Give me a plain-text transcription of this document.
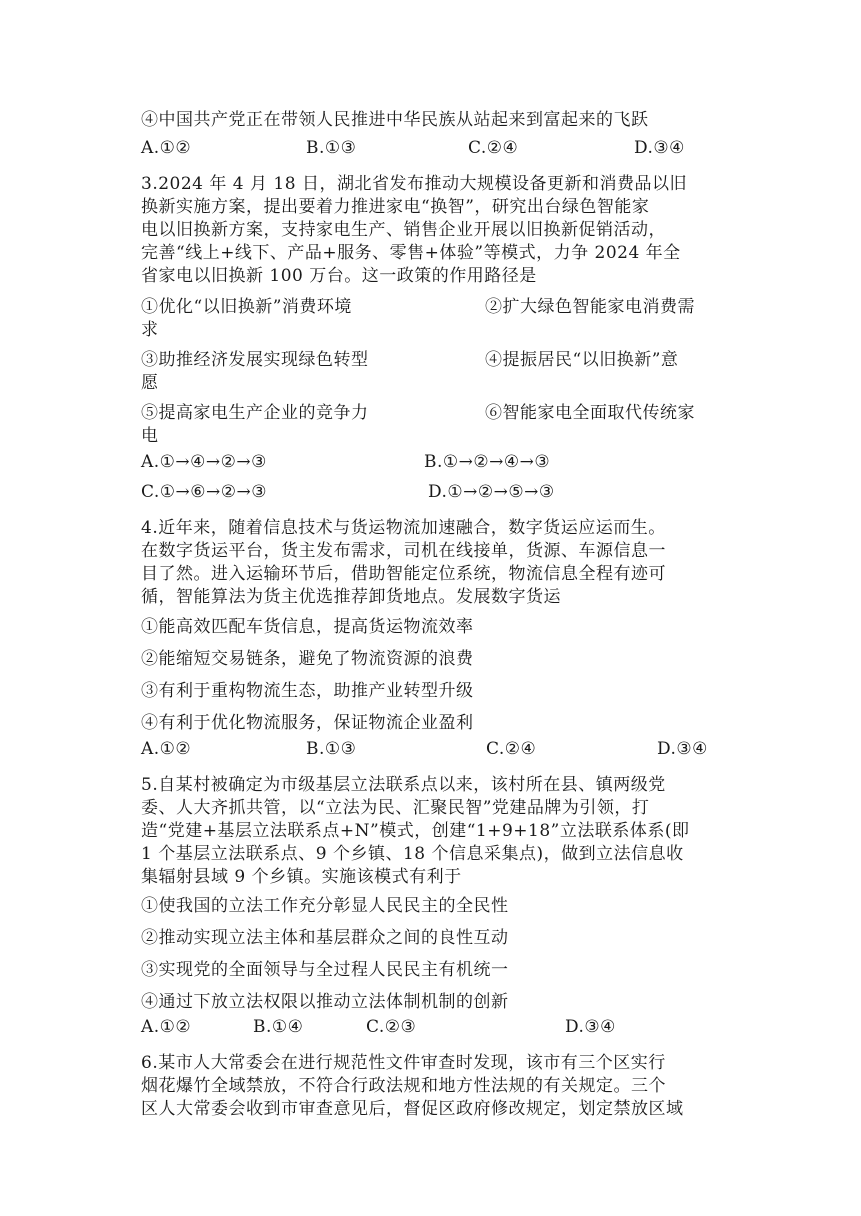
④中国共产党正在带领人民推进中华民族从站起来到富起来的飞跃
A.①②	B.①③	C.②④	D.③④
3.2024 年 4 月 18 日，湖北省发布推动大规模设备更新和消费品以旧
换新实施方案，提出要着力推进家电“换智”，研究出台绿色智能家
电以旧换新方案，支持家电生产、销售企业开展以旧换新促销活动，
完善“线上+线下、产品+服务、零售+体验”等模式，力争 2024 年全
省家电以旧换新 100 万台。这一政策的作用路径是
①优化“以旧换新”消费环境	②扩大绿色智能家电消费需
求
③助推经济发展实现绿色转型	④提振居民“以旧换新”意
愿
⑤提高家电生产企业的竞争力	⑥智能家电全面取代传统家
电
A.①→④→②→③	B.①→②→④→③
C.①→⑥→②→③	D.①→②→⑤→③
4.近年来，随着信息技术与货运物流加速融合，数字货运应运而生。
在数字货运平台，货主发布需求，司机在线接单，货源、车源信息一
目了然。进入运输环节后，借助智能定位系统，物流信息全程有迹可
循，智能算法为货主优选推荐卸货地点。发展数字货运
①能高效匹配车货信息，提高货运物流效率
②能缩短交易链条，避免了物流资源的浪费
③有利于重构物流生态，助推产业转型升级
④有利于优化物流服务，保证物流企业盈利
A.①②	B.①③	C.②④	D.③④
5.自某村被确定为市级基层立法联系点以来，该村所在县、镇两级党
委、人大齐抓共管，以“立法为民、汇聚民智”党建品牌为引领，打
造“党建+基层立法联系点+N”模式，创建“1+9+18”立法联系体系(即
1 个基层立法联系点、9 个乡镇、18 个信息采集点)，做到立法信息收
集辐射县域 9 个乡镇。实施该模式有利于
①使我国的立法工作充分彰显人民民主的全民性
②推动实现立法主体和基层群众之间的良性互动
③实现党的全面领导与全过程人民民主有机统一
④通过下放立法权限以推动立法体制机制的创新
A.①②	B.①④	C.②③	D.③④
6.某市人大常委会在进行规范性文件审查时发现，该市有三个区实行
烟花爆竹全域禁放，不符合行政法规和地方性法规的有关规定。三个
区人大常委会收到市审查意见后，督促区政府修改规定，划定禁放区域
